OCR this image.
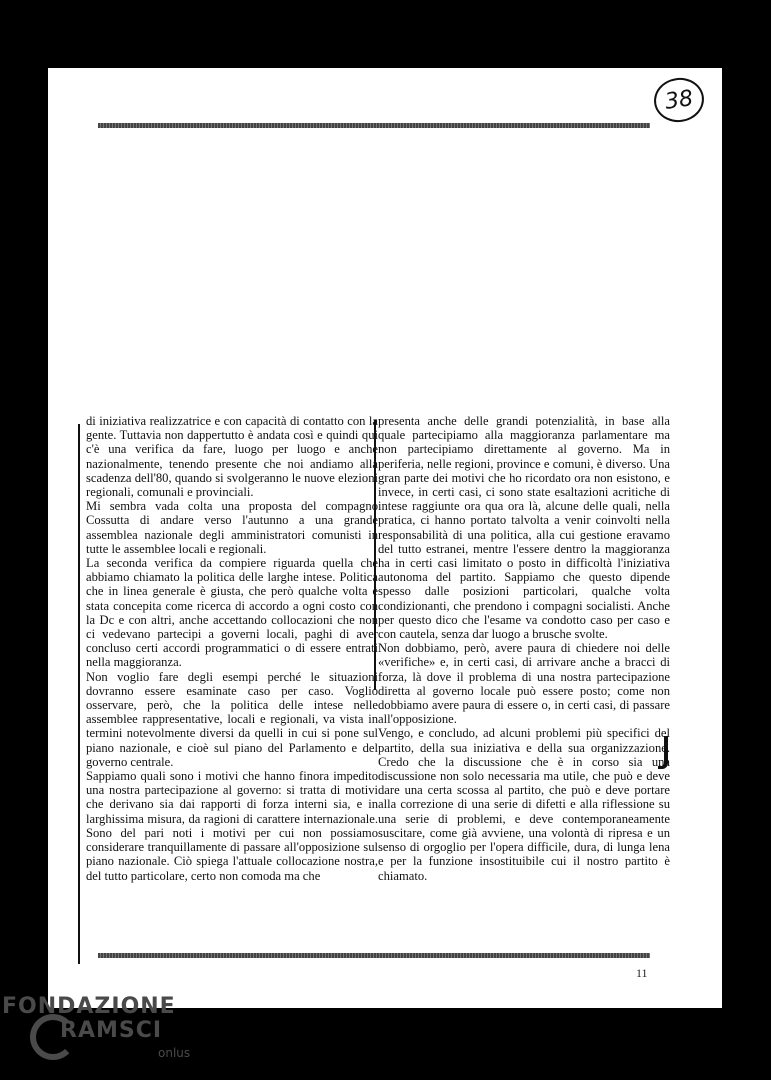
38

di iniziativa realizzatrice e con capacità di contatto con la gente. Tuttavia non dappertutto è andata così e quindi qui c'è una verifica da fare, luogo per luogo e anche nazionalmente, tenendo presente che noi andiamo alla scadenza dell'80, quando si svolgeranno le nuove elezioni regionali, comunali e provinciali.

Mi sembra vada colta una proposta del compagno Cossutta di andare verso l'autunno a una grande assemblea nazionale degli amministratori comunisti in tutte le assemblee locali e regionali.

La seconda verifica da compiere riguarda quella che abbiamo chiamato la politica delle larghe intese. Politica che in linea generale è giusta, che però qualche volta è stata concepita come ricerca di accordo a ogni costo con la Dc e con altri, anche accettando collocazioni che non ci vedevano partecipi a governi locali, paghi di aver concluso certi accordi programmatici o di essere entrati nella maggioranza.

Non voglio fare degli esempi perché le situazioni dovranno essere esaminate caso per caso. Voglio osservare, però, che la politica delle intese nelle assemblee rappresentative, locali e regionali, va vista in termini notevolmente diversi da quelli in cui si pone sul piano nazionale, e cioè sul piano del Parlamento e del governo centrale.

Sappiamo quali sono i motivi che hanno finora impedito una nostra partecipazione al governo: si tratta di motivi che derivano sia dai rapporti di forza interni sia, e in larghissima misura, da ragioni di carattere internazionale. Sono del pari noti i motivi per cui non possiamo considerare tranquillamente di passare all'opposizione sul piano nazionale. Ciò spiega l'attuale collocazione nostra, del tutto particolare, certo non comoda ma che

presenta anche delle grandi potenzialità, in base alla quale partecipiamo alla maggioranza parlamentare ma non partecipiamo direttamente al governo. Ma in periferia, nelle regioni, province e comuni, è diverso. Una gran parte dei motivi che ho ricordato ora non esistono, e invece, in certi casi, ci sono state esaltazioni acritiche di intese raggiunte ora qua ora là, alcune delle quali, nella pratica, ci hanno portato talvolta a venir coinvolti nella responsabilità di una politica, alla cui gestione eravamo del tutto estranei, mentre l'essere dentro la maggioranza ha in certi casi limitato o posto in difficoltà l'iniziativa autonoma del partito. Sappiamo che questo dipende spesso dalle posizioni particolari, qualche volta condizionanti, che prendono i compagni socialisti. Anche per questo dico che l'esame va condotto caso per caso e con cautela, senza dar luogo a brusche svolte.

Non dobbiamo, però, avere paura di chiedere noi delle «verifiche» e, in certi casi, di arrivare anche a bracci di forza, là dove il problema di una nostra partecipazione diretta al governo locale può essere posto; come non dobbiamo avere paura di essere o, in certi casi, di passare all'opposizione.

Vengo, e concludo, ad alcuni problemi più specifici del partito, della sua iniziativa e della sua organizzazione. Credo che la discussione che è in corso sia una discussione non solo necessaria ma utile, che può e deve dare una certa scossa al partito, che può e deve portare alla correzione di una serie di difetti e alla riflessione su una serie di problemi, e deve contemporaneamente suscitare, come già avviene, una volontà di ripresa e un senso di orgoglio per l'opera difficile, dura, di lunga lena e per la funzione insostituibile cui il nostro partito è chiamato.

11
FONDAZIONE
RAMSCI
onlus
